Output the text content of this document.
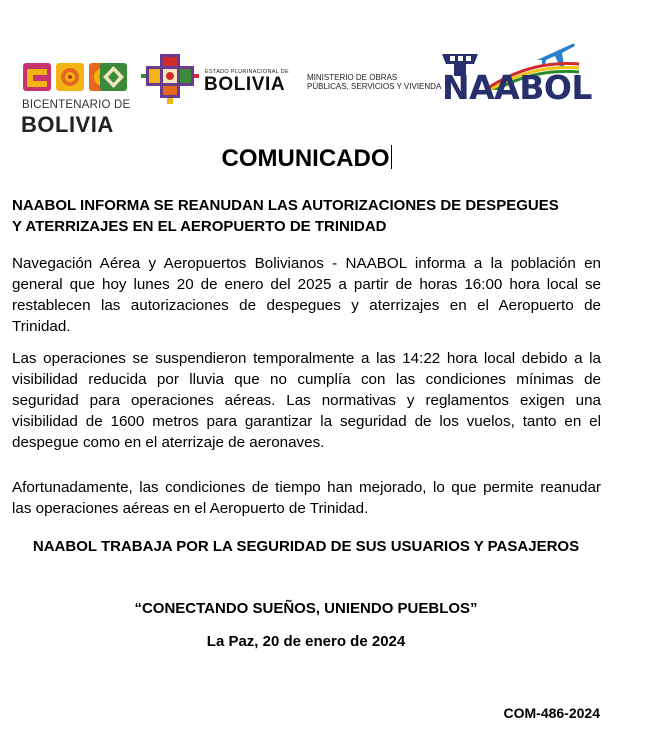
BICENTENARIO DE
BOLIVIA
ESTADO PLURINACIONAL DE
BOLIVIA	MINISTERIO DE OBRAS
PÚBLICAS, SERVICIOS Y VIVIENDA NAABOL
COMUNICADO
NAABOL INFORMA SE REANUDAN LAS AUTORIZACIONES DE DESPEGUES
Y ATERRIZAJES EN EL AEROPUERTO DE TRINIDAD
Navegación Aérea y Aeropuertos Bolivianos - NAABOL informa a la población en general que hoy lunes 20 de enero del 2025 a partir de horas 16:00 hora local se restablecen las autorizaciones de despegues y aterrizajes en el Aeropuerto de Trinidad.
Las operaciones se suspendieron temporalmente a las 14:22 hora local debido a la visibilidad reducida por lluvia que no cumplía con las condiciones mínimas de seguridad para operaciones aéreas. Las normativas y reglamentos exigen una visibilidad de 1600 metros para garantizar la seguridad de los vuelos, tanto en el despegue como en el aterrizaje de aeronaves.
Afortunadamente, las condiciones de tiempo han mejorado, lo que permite reanudar las operaciones aéreas en el Aeropuerto de Trinidad.
NAABOL TRABAJA POR LA SEGURIDAD DE SUS USUARIOS Y PASAJEROS
“CONECTANDO SUEÑOS, UNIENDO PUEBLOS”
La Paz, 20 de enero de 2024
COM-486-2024
